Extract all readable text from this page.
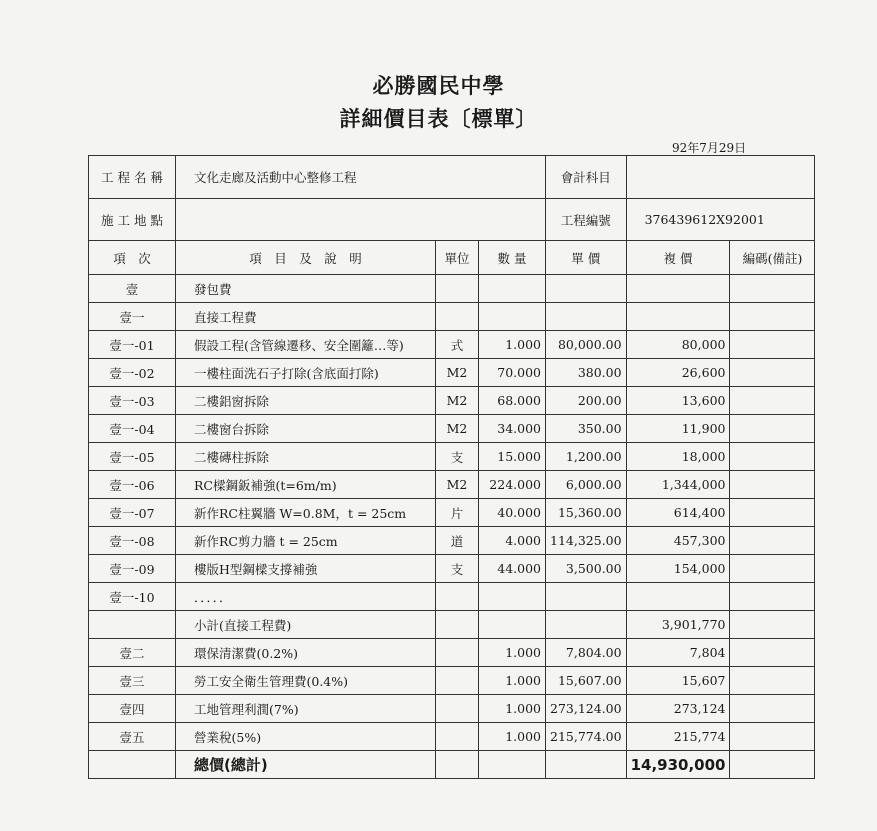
必勝國民中學
詳細價目表〔標單〕
92年7月29日
工 程 名 稱	文化走廊及活動中心整修工程			會計科目		
施 工 地 點				工程編號	376439612X92001	
項　次	項　目　及　說　明	單位	數 量	單 價	複 價	編碼(備註)
壹	發包費					
壹一	直接工程費					
壹一-01	假設工程(含管線遷移、安全圍籬…等)	式	1.000	80,000.00	80,000	
壹一-02	一樓柱面洗石子打除(含底面打除)	M2	70.000	380.00	26,600	
壹一-03	二樓鋁窗拆除	M2	68.000	200.00	13,600	
壹一-04	二樓窗台拆除	M2	34.000	350.00	11,900	
壹一-05	二樓磚柱拆除	支	15.000	1,200.00	18,000	
壹一-06	RC樑鋼鈑補強(t=6m/m)	M2	224.000	6,000.00	1,344,000	
壹一-07	新作RC柱翼牆 W=0.8M，t = 25cm	片	40.000	15,360.00	614,400	
壹一-08	新作RC剪力牆 t = 25cm	道	4.000	114,325.00	457,300	
壹一-09	樓版H型鋼樑支撐補強	支	44.000	3,500.00	154,000	
壹一-10	．．．．．					
	小計(直接工程費)				3,901,770	
壹二	環保清潔費(0.2%)		1.000	7,804.00	7,804	
壹三	勞工安全衛生管理費(0.4%)		1.000	15,607.00	15,607	
壹四	工地管理利潤(7%)		1.000	273,124.00	273,124	
壹五	營業稅(5%)		1.000	215,774.00	215,774	
	總價(總計)				14,930,000	
